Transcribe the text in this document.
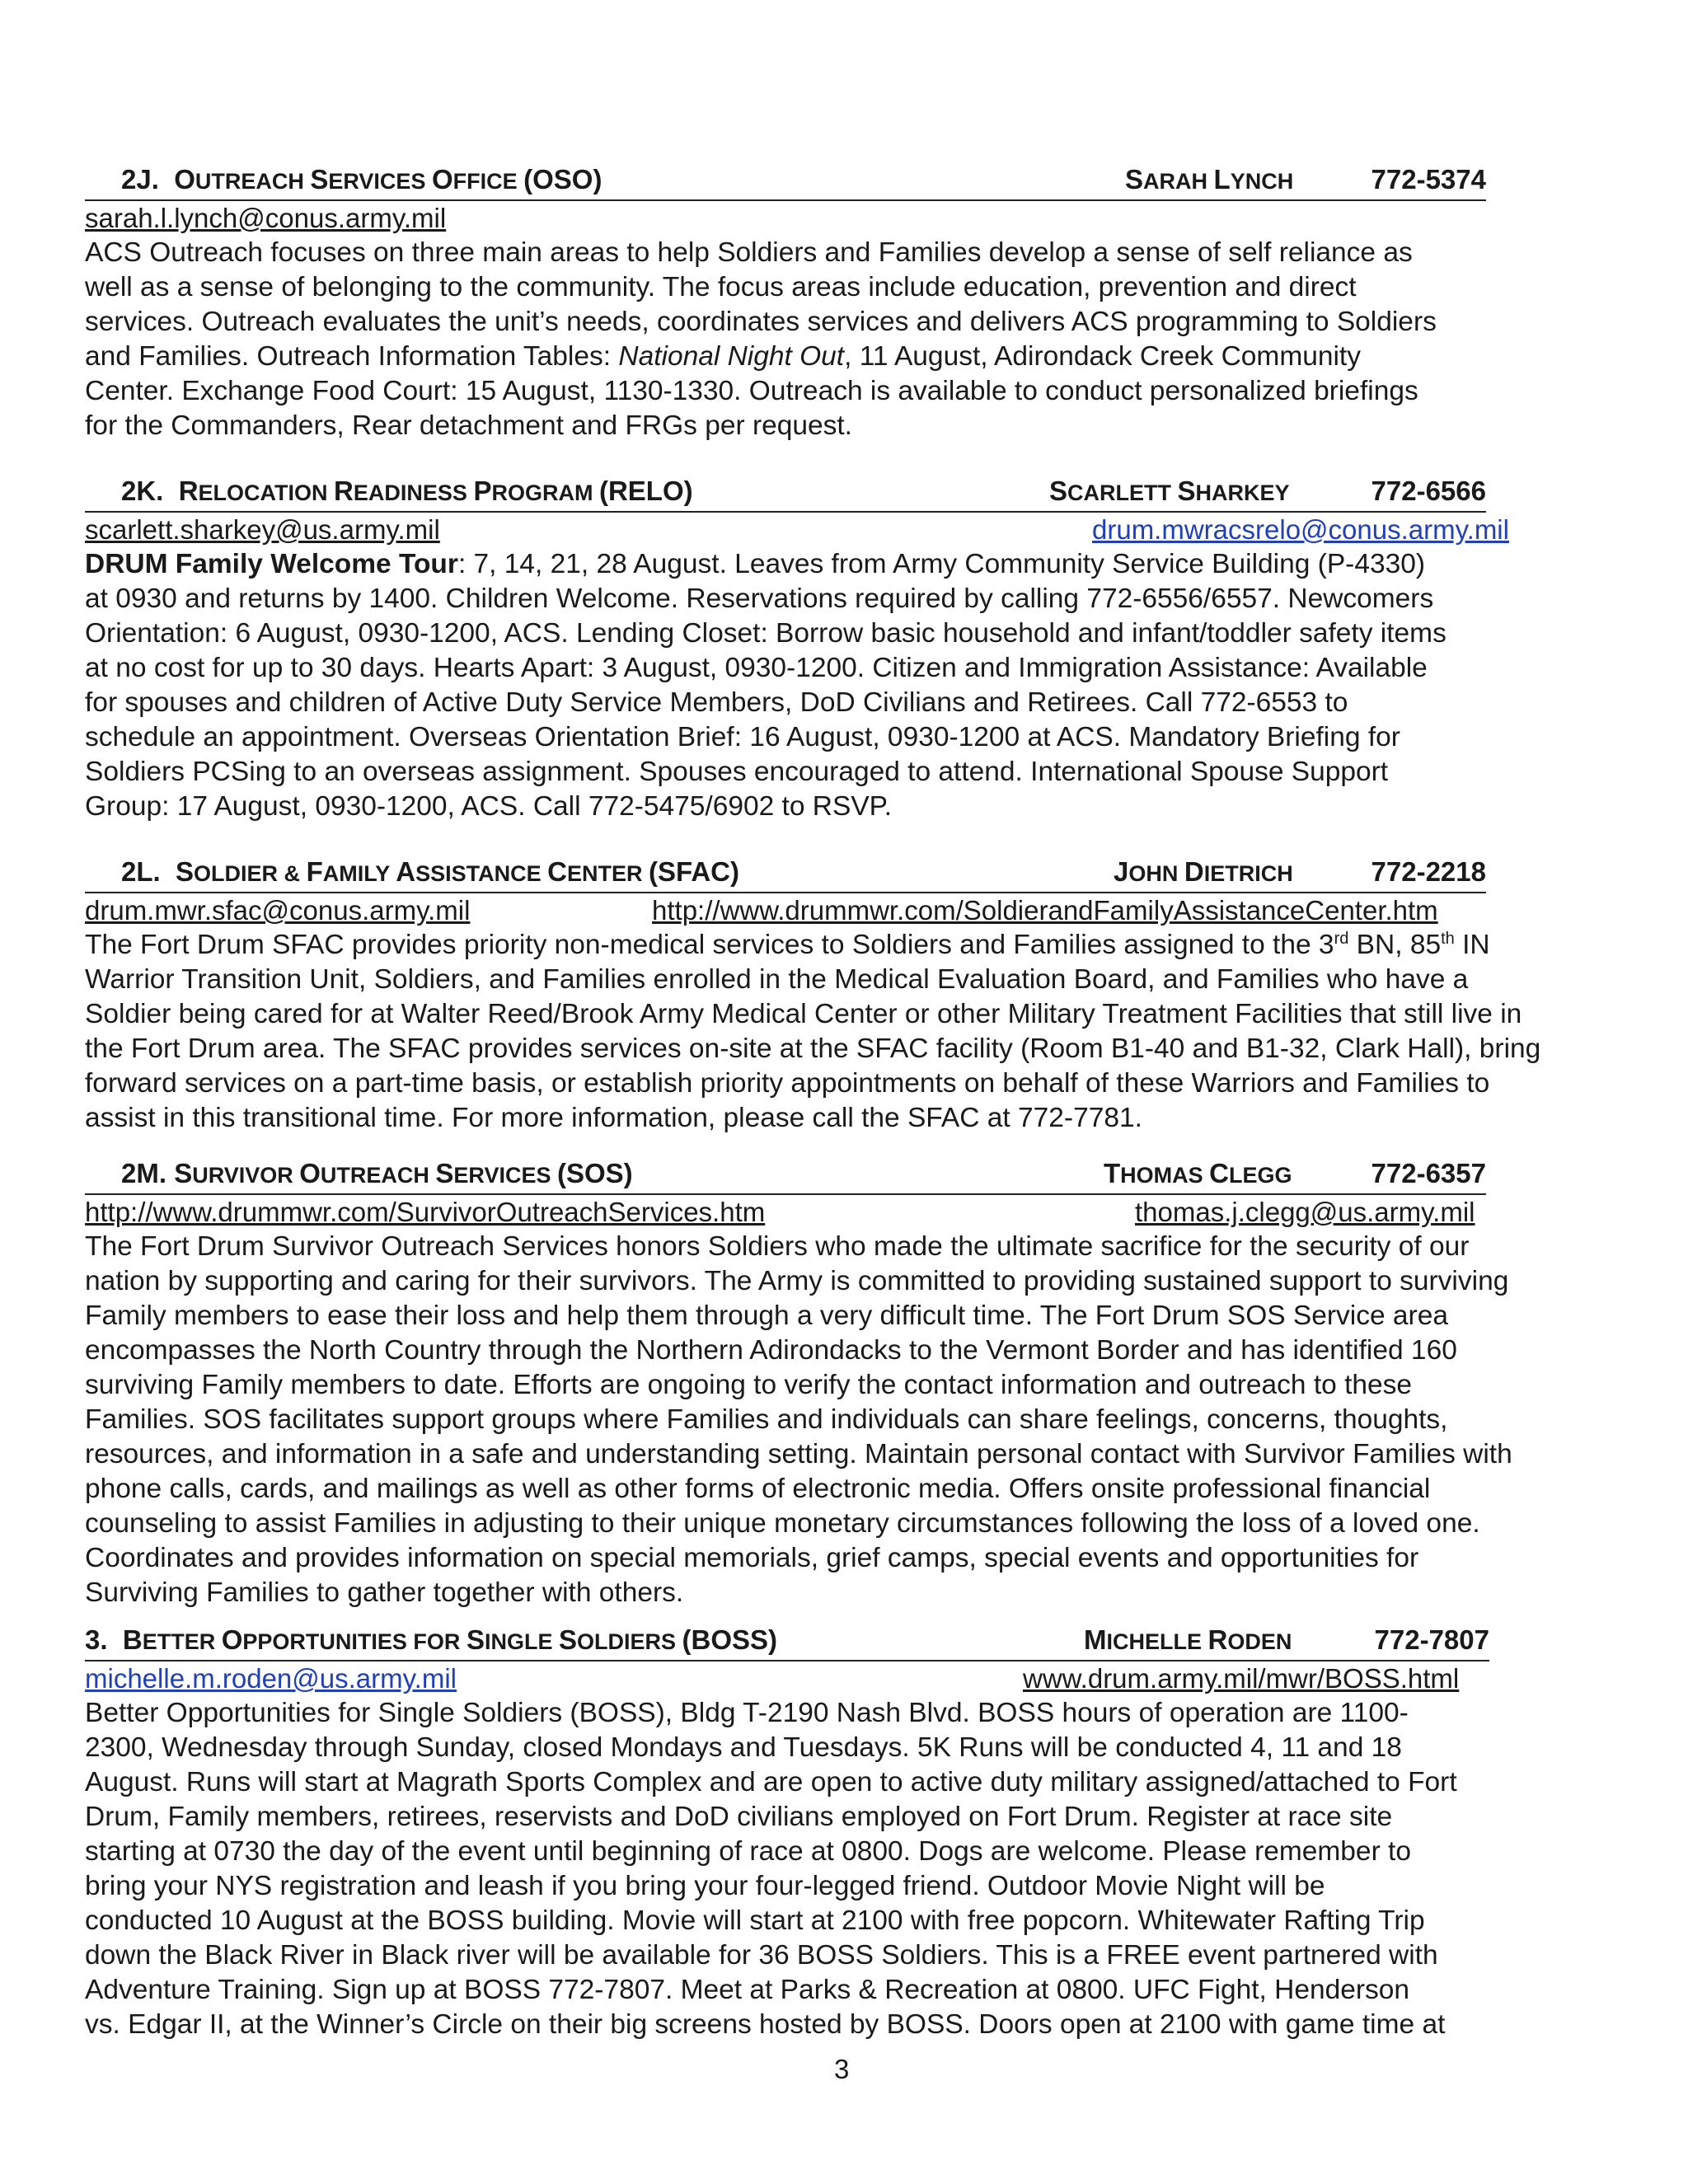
2J. OUTREACH SERVICES OFFICE (OSO)	SARAH LYNCH	772-5374
sarah.l.lynch@conus.army.mil

ACS Outreach focuses on three main areas to help Soldiers and Families develop a sense of self reliance as

well as a sense of belonging to the community. The focus areas include education, prevention and direct

services. Outreach evaluates the unit’s needs, coordinates services and delivers ACS programming to Soldiers

and Families. Outreach Information Tables: National Night Out, 11 August, Adirondack Creek Community

Center. Exchange Food Court: 15 August, 1130-1330. Outreach is available to conduct personalized briefings

for the Commanders, Rear detachment and FRGs per request.

2K. RELOCATION READINESS PROGRAM (RELO)	SCARLETT SHARKEY	772-6566
scarlett.sharkey@us.army.mil	drum.mwracsrelo@conus.army.mil

DRUM Family Welcome Tour: 7, 14, 21, 28 August. Leaves from Army Community Service Building (P-4330)

at 0930 and returns by 1400. Children Welcome. Reservations required by calling 772-6556/6557. Newcomers

Orientation: 6 August, 0930-1200, ACS. Lending Closet: Borrow basic household and infant/toddler safety items

at no cost for up to 30 days. Hearts Apart: 3 August, 0930-1200. Citizen and Immigration Assistance: Available

for spouses and children of Active Duty Service Members, DoD Civilians and Retirees. Call 772-6553 to

schedule an appointment. Overseas Orientation Brief: 16 August, 0930-1200 at ACS. Mandatory Briefing for

Soldiers PCSing to an overseas assignment. Spouses encouraged to attend. International Spouse Support

Group: 17 August, 0930-1200, ACS. Call 772-5475/6902 to RSVP.

2L. SOLDIER & FAMILY ASSISTANCE CENTER (SFAC)	JOHN DIETRICH	772-2218
drum.mwr.sfac@conus.army.mil	http://www.drummwr.com/SoldierandFamilyAssistanceCenter.htm

The Fort Drum SFAC provides priority non-medical services to Soldiers and Families assigned to the 3rd BN, 85th IN

Warrior Transition Unit, Soldiers, and Families enrolled in the Medical Evaluation Board, and Families who have a

Soldier being cared for at Walter Reed/Brook Army Medical Center or other Military Treatment Facilities that still live in

the Fort Drum area. The SFAC provides services on-site at the SFAC facility (Room B1-40 and B1-32, Clark Hall), bring

forward services on a part-time basis, or establish priority appointments on behalf of these Warriors and Families to

assist in this transitional time. For more information, please call the SFAC at 772-7781.

2M. SURVIVOR OUTREACH SERVICES (SOS)	THOMAS CLEGG	772-6357
http://www.drummwr.com/SurvivorOutreachServices.htm	thomas.j.clegg@us.army.mil

The Fort Drum Survivor Outreach Services honors Soldiers who made the ultimate sacrifice for the security of our

nation by supporting and caring for their survivors. The Army is committed to providing sustained support to surviving

Family members to ease their loss and help them through a very difficult time. The Fort Drum SOS Service area

encompasses the North Country through the Northern Adirondacks to the Vermont Border and has identified 160

surviving Family members to date. Efforts are ongoing to verify the contact information and outreach to these

Families. SOS facilitates support groups where Families and individuals can share feelings, concerns, thoughts,

resources, and information in a safe and understanding setting. Maintain personal contact with Survivor Families with

phone calls, cards, and mailings as well as other forms of electronic media. Offers onsite professional financial

counseling to assist Families in adjusting to their unique monetary circumstances following the loss of a loved one.

Coordinates and provides information on special memorials, grief camps, special events and opportunities for

Surviving Families to gather together with others.

3. BETTER OPPORTUNITIES FOR SINGLE SOLDIERS (BOSS)	MICHELLE RODEN	772-7807
michelle.m.roden@us.army.mil	www.drum.army.mil/mwr/BOSS.html

Better Opportunities for Single Soldiers (BOSS), Bldg T-2190 Nash Blvd. BOSS hours of operation are 1100-

2300, Wednesday through Sunday, closed Mondays and Tuesdays. 5K Runs will be conducted 4, 11 and 18

August. Runs will start at Magrath Sports Complex and are open to active duty military assigned/attached to Fort

Drum, Family members, retirees, reservists and DoD civilians employed on Fort Drum. Register at race site

starting at 0730 the day of the event until beginning of race at 0800. Dogs are welcome. Please remember to

bring your NYS registration and leash if you bring your four-legged friend. Outdoor Movie Night will be

conducted 10 August at the BOSS building. Movie will start at 2100 with free popcorn. Whitewater Rafting Trip

down the Black River in Black river will be available for 36 BOSS Soldiers. This is a FREE event partnered with

Adventure Training. Sign up at BOSS 772-7807. Meet at Parks & Recreation at 0800. UFC Fight, Henderson

vs. Edgar II, at the Winner’s Circle on their big screens hosted by BOSS. Doors open at 2100 with game time at

3
